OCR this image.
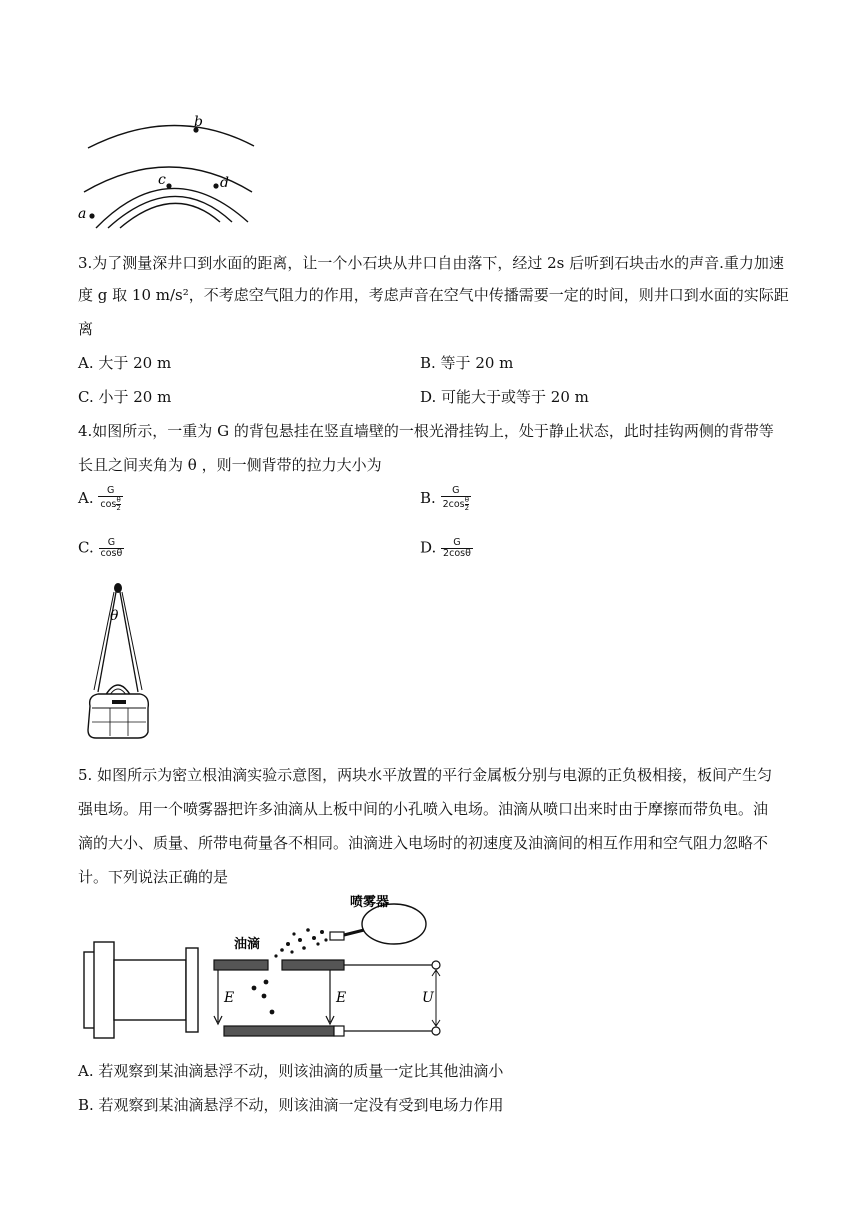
b
c	d
a
3.为了测量深井口到水面的距离，让一个小石块从井口自由落下，经过 2s 后听到石块击水的声音.重力加速
度 g 取 10 m/s²，不考虑空气阻力的作用，考虑声音在空气中传播需要一定的时间，则井口到水面的实际距
离
A. 大于 20 m	B. 等于 20 m
C. 小于 20 m	D. 可能大于或等于 20 m
4.如图所示，一重为 G 的背包悬挂在竖直墙壁的一根光滑挂钩上，处于静止状态，此时挂钩两侧的背带等
长且之间夹角为 θ ，则一侧背带的拉力大小为
A. $\frac{G}{\cos \frac{\theta}{2}}$	B. $\frac{G}{2\cos \frac{\theta}{2}}$
C. $\frac{G}{\cos\theta}$	D. $\frac{G}{2\cos\theta}$
θ
5. 如图所示为密立根油滴实验示意图，两块水平放置的平行金属板分别与电源的正负极相接，板间产生匀
强电场。用一个喷雾器把许多油滴从上板中间的小孔喷入电场。油滴从喷口出来时由于摩擦而带负电。油
滴的大小、质量、所带电荷量各不相同。油滴进入电场时的初速度及油滴间的相互作用和空气阻力忽略不
计。下列说法正确的是
E	E	U
喷雾器
油滴
A. 若观察到某油滴悬浮不动，则该油滴的质量一定比其他油滴小
B. 若观察到某油滴悬浮不动，则该油滴一定没有受到电场力作用
